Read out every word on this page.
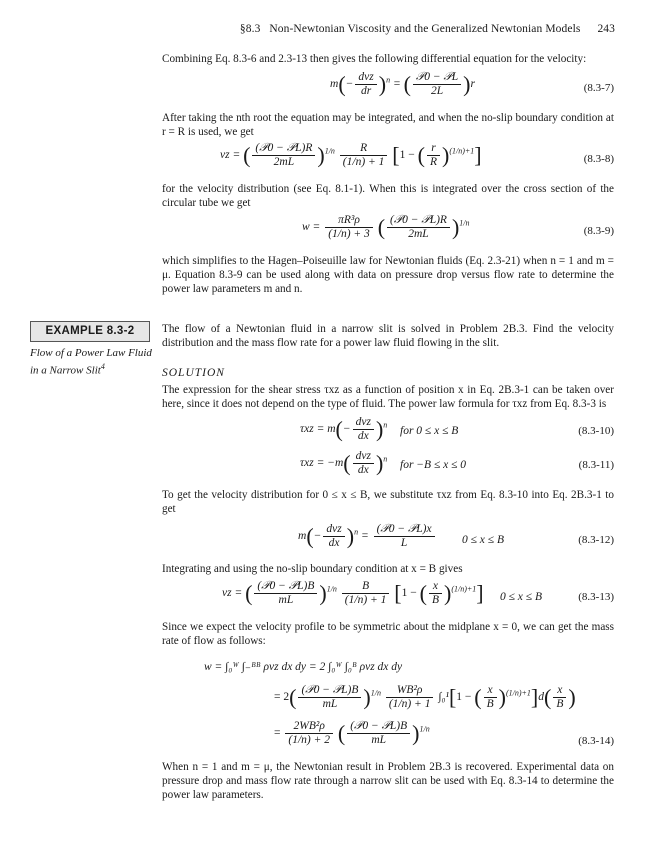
§8.3 Non-Newtonian Viscosity and the Generalized Newtonian Models 243

Combining Eq. 8.3-6 and 2.3-13 then gives the following differential equation for the velocity:

$m(- \frac{\text{dvz}}{dr} )^n$ = ( $\frac{\text{𝒫0 − 𝒫L}}{2L} )r$	(8.3-7)

After taking the nth root the equation may be integrated, and when the no-slip boundary condition at r = R is used, we get

vz = ( $\frac{\text{(𝒫0 − 𝒫L)R}}{2mL} )^{1/n} \frac{R}{(1/n) + 1} [1$ − ( $\frac{r}{R} )^{(1/n)+1}$]	(8.3-8)

for the velocity distribution (see Eq. 8.1-1). When this is integrated over the cross section of the circular tube we get

$w = \frac{\text{πR³ρ}}{(1/n) + 3}$ ( $\frac{\text{(𝒫0 − 𝒫L)R}}{2mL} )^{1/n}$
(8.3-9)

which simplifies to the Hagen–Poiseuille law for Newtonian fluids (Eq. 2.3-21) when n = 1 and m = μ. Equation 8.3-9 can be used along with data on pressure drop versus flow rate to determine the power law parameters m and n.

EXAMPLE 8.3-2
Flow of a Power Law Fluid in a Narrow Slit$^4$

The flow of a Newtonian fluid in a narrow slit is solved in Problem 2B.3. Find the velocity distribution and the mass flow rate for a power law fluid flowing in the slit.

SOLUTION

The expression for the shear stress τxz as a function of position x in Eq. 2B.3-1 can be taken over here, since it does not depend on the type of fluid. The power law formula for τxz from Eq. 8.3-3 is

$\tau xz = m(- \frac{\text{dvz}}{dx} )^n$
for 0 ≤ x ≤ B	(8.3-10)
$\tau xz = -m( \frac{\text{dvz}}{dx} )^n$
for −B ≤ x ≤ 0	(8.3-11)

To get the velocity distribution for 0 ≤ x ≤ B, we substitute τxz from Eq. 8.3-10 into Eq. 2B.3-1 to get

$m(- \frac{\text{dvz}}{dx} )^n = \frac{\text{(𝒫0 − 𝒫L)x}}{L} 0 \le x \le B$	(8.3-12)

Integrating and using the no-slip boundary condition at x = B gives

vz = ( $\frac{\text{(𝒫0 − 𝒫L)B}}{mL} )^{1/n} \frac{B}{(1/n) + 1} [1$ − ( $\frac{x}{B} )^{(1/n)+1}$] 0 ≤ x ≤ B	(8.3-13)

Since we expect the velocity profile to be symmetric about the midplane x = 0, we can get the mass rate of flow as follows:

w = ∫₀ᵂ ∫₋ᴮᴮ ρvz dx dy = 2 ∫₀ᵂ ∫₀ᴮ ρvz dx dy
= $2( \frac{\text{(𝒫0 − 𝒫L)B}}{mL} )^{1/n} \frac{\text{WB²ρ}}{(1/n) + 1} \int_0^1[1$ − ( $\frac{x}{B} )^{(1/n)+1}]d( \frac{x}{B}$ )
= $\frac{\text{2WB²ρ}}{(1/n) + 2}$ ( $\frac{\text{(𝒫0 − 𝒫L)B}}{mL} )^{1/n}$
(8.3-14)

When n = 1 and m = μ, the Newtonian result in Problem 2B.3 is recovered. Experimental data on pressure drop and mass flow rate through a narrow slit can be used with Eq. 8.3-14 to determine the power law parameters.
